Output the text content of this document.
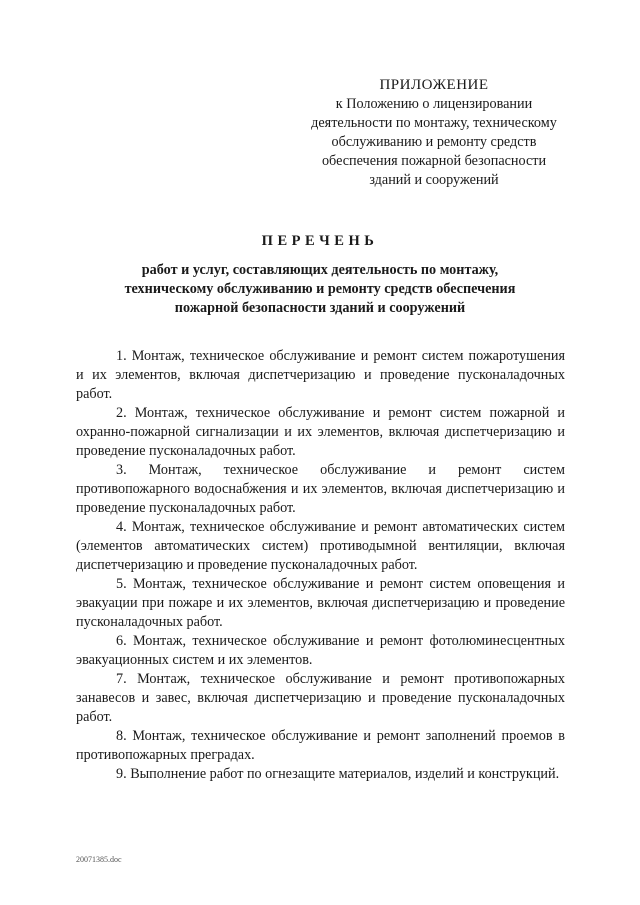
ПРИЛОЖЕНИЕ
к Положению о лицензировании
деятельности по монтажу, техническому
обслуживанию и ремонту средств
обеспечения пожарной безопасности
зданий и сооружений
ПЕРЕЧЕНЬ
работ и услуг, составляющих деятельность по монтажу,
техническому обслуживанию и ремонту средств обеспечения
пожарной безопасности зданий и сооружений

1. Монтаж, техническое обслуживание и ремонт систем пожаротушения и их элементов, включая диспетчеризацию и проведение пусконаладочных работ.

2. Монтаж, техническое обслуживание и ремонт систем пожарной и охранно-пожарной сигнализации и их элементов, включая диспетчеризацию и проведение пусконаладочных работ.

3. Монтаж, техническое обслуживание и ремонт систем противопожарного водоснабжения и их элементов, включая диспетчеризацию и проведение пусконаладочных работ.

4. Монтаж, техническое обслуживание и ремонт автоматических систем (элементов автоматических систем) противодымной вентиляции, включая диспетчеризацию и проведение пусконаладочных работ.

5. Монтаж, техническое обслуживание и ремонт систем оповещения и эвакуации при пожаре и их элементов, включая диспетчеризацию и проведение пусконаладочных работ.

6. Монтаж, техническое обслуживание и ремонт фотолюминесцентных эвакуационных систем и их элементов.

7. Монтаж, техническое обслуживание и ремонт противопожарных занавесов и завес, включая диспетчеризацию и проведение пусконаладочных работ.

8. Монтаж, техническое обслуживание и ремонт заполнений проемов в противопожарных преградах.

9. Выполнение работ по огнезащите материалов, изделий и конструкций.

20071385.doc
